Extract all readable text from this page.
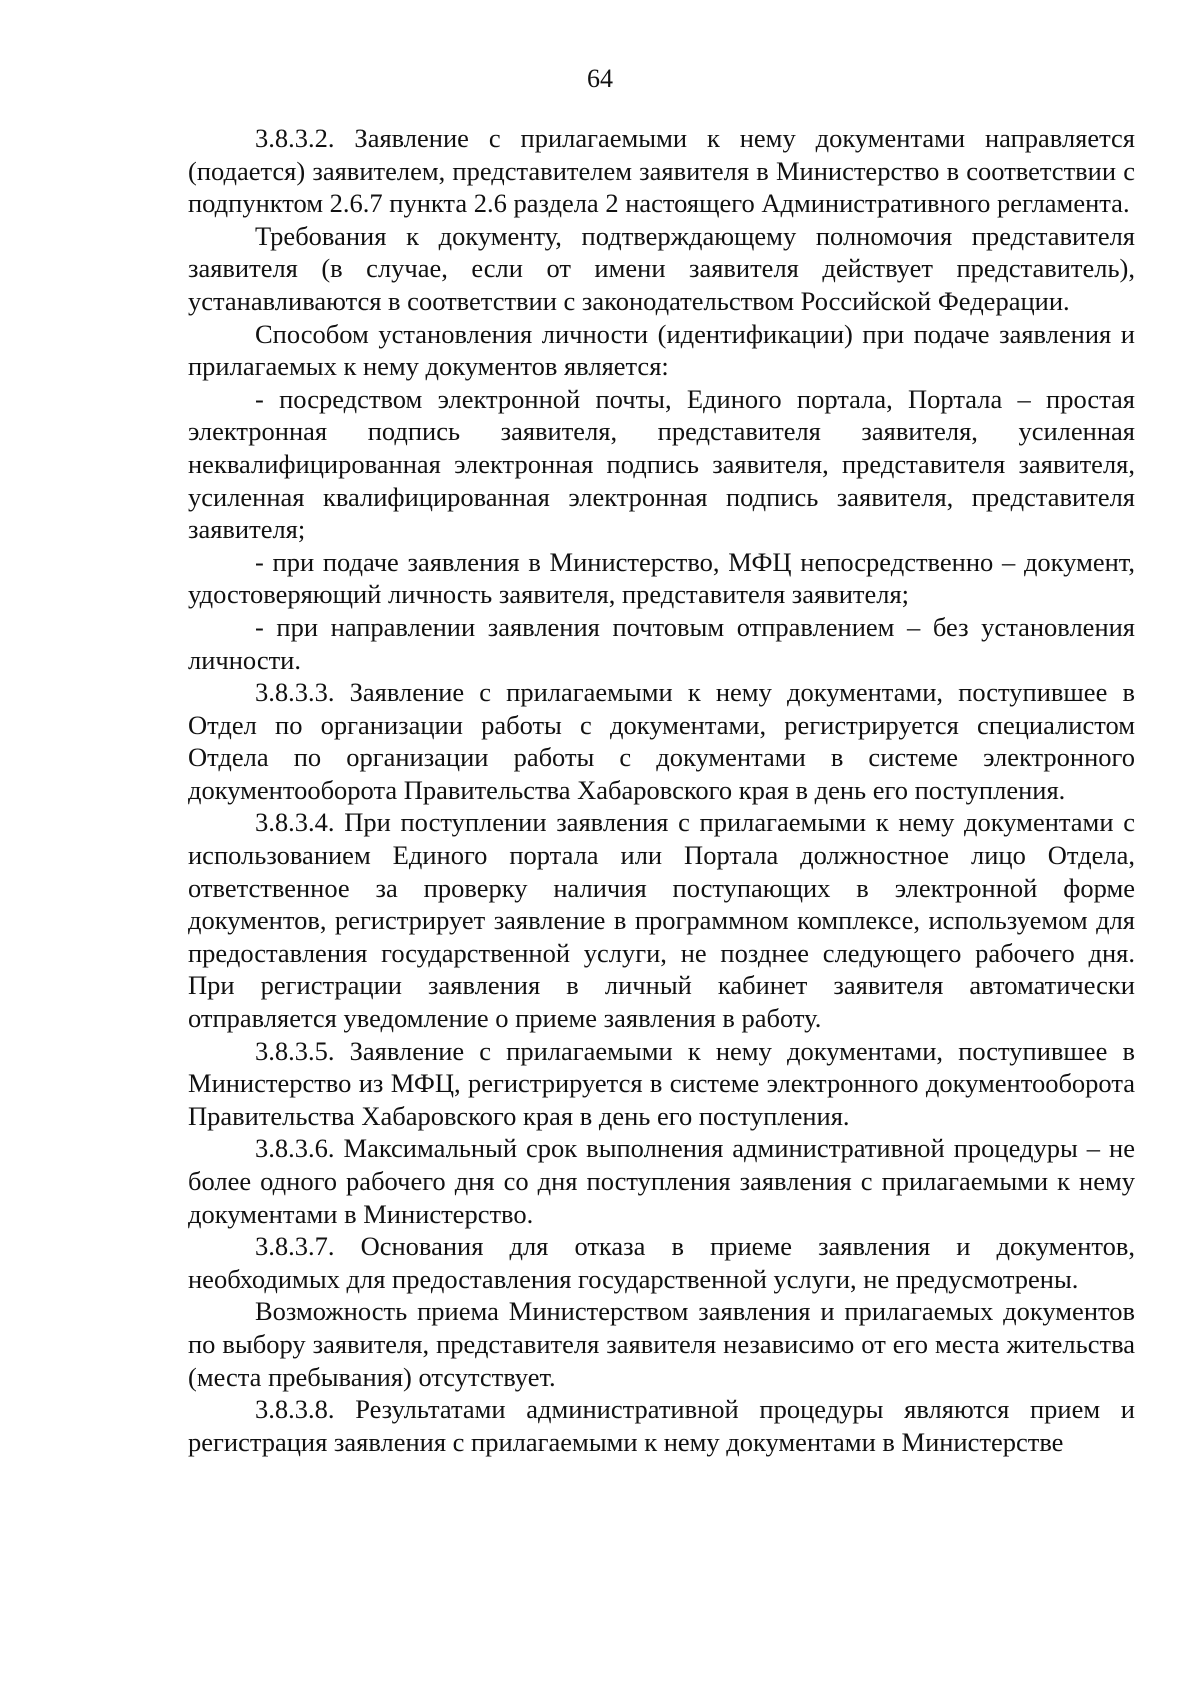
64

3.8.3.2. Заявление с прилагаемыми к нему документами направляется (подается) заявителем, представителем заявителя в Министерство в соответствии с подпунктом 2.6.7 пункта 2.6 раздела 2 настоящего Административного регламента.

Требования к документу, подтверждающему полномочия представителя заявителя (в случае, если от имени заявителя действует представитель), устанавливаются в соответствии с законодательством Российской Федерации.

Способом установления личности (идентификации) при подаче заявления и прилагаемых к нему документов является:

- посредством электронной почты, Единого портала, Портала – простая электронная подпись заявителя, представителя заявителя, усиленная неквалифицированная электронная подпись заявителя, представителя заявителя, усиленная квалифицированная электронная подпись заявителя, представителя заявителя;

- при подаче заявления в Министерство, МФЦ непосредственно – документ, удостоверяющий личность заявителя, представителя заявителя;

- при направлении заявления почтовым отправлением – без установления личности.

3.8.3.3. Заявление с прилагаемыми к нему документами, поступившее в Отдел по организации работы с документами, регистрируется специалистом Отдела по организации работы с документами в системе электронного документооборота Правительства Хабаровского края в день его поступления.

3.8.3.4. При поступлении заявления с прилагаемыми к нему документами с использованием Единого портала или Портала должностное лицо Отдела, ответственное за проверку наличия поступающих в электронной форме документов, регистрирует заявление в программном комплексе, используемом для предоставления государственной услуги, не позднее следующего рабочего дня. При регистрации заявления в личный кабинет заявителя автоматически отправляется уведомление о приеме заявления в работу.

3.8.3.5. Заявление с прилагаемыми к нему документами, поступившее в Министерство из МФЦ, регистрируется в системе электронного документооборота Правительства Хабаровского края в день его поступления.

3.8.3.6. Максимальный срок выполнения административной процедуры – не более одного рабочего дня со дня поступления заявления с прилагаемыми к нему документами в Министерство.

3.8.3.7. Основания для отказа в приеме заявления и документов, необходимых для предоставления государственной услуги, не предусмотрены.

Возможность приема Министерством заявления и прилагаемых документов по выбору заявителя, представителя заявителя независимо от его места жительства (места пребывания) отсутствует.

3.8.3.8. Результатами административной процедуры являются прием и регистрация заявления с прилагаемыми к нему документами в Министерстве
